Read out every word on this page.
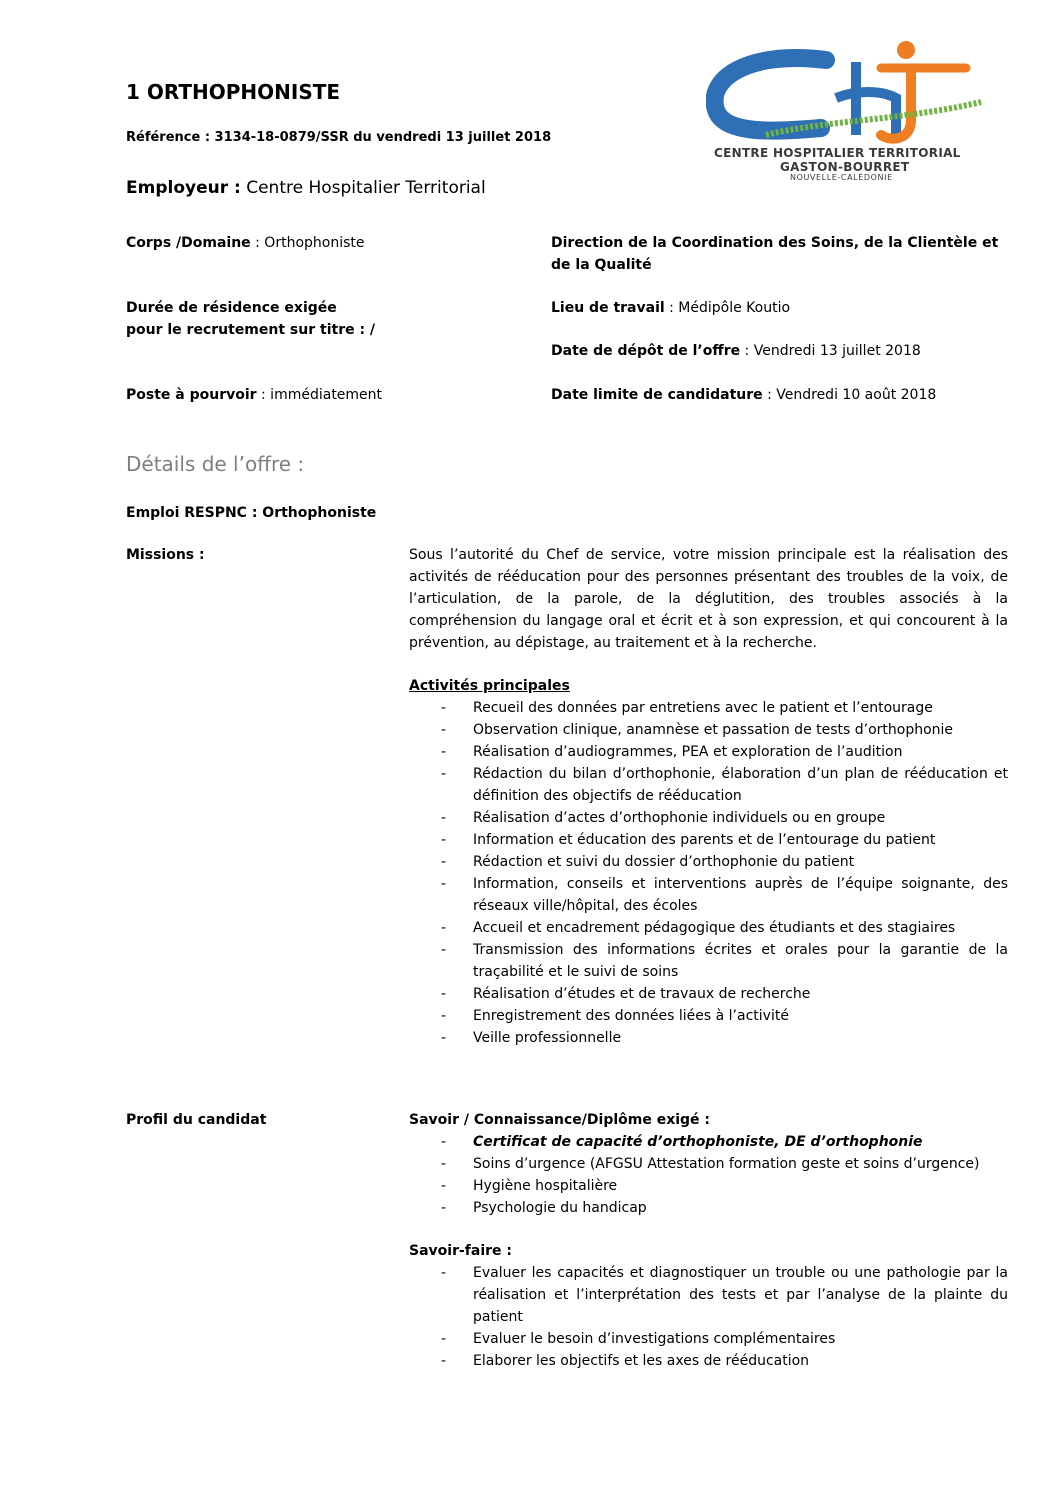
1 ORTHOPHONISTE
Référence : 3134-18-0879/SSR du vendredi 13 juillet 2018
Employeur : Centre Hospitalier Territorial
CENTRE HOSPITALIER TERRITORIAL
GASTON-BOURRET
NOUVELLE-CALÉDONIE
Corps /Domaine : Orthophoniste	Direction de la Coordination des Soins, de la Clientèle et
de la Qualité
Durée de résidence exigée
pour le recrutement sur titre : /
Lieu de travail : Médipôle Koutio
Date de dépôt de l’offre : Vendredi 13 juillet 2018
Poste à pourvoir : immédiatement	Date limite de candidature : Vendredi 10 août 2018
Détails de l’offre :
Emploi RESPNC : Orthophoniste
Missions :	Sous l’autorité du Chef de service, votre mission principale est la réalisation des activités de rééducation pour des personnes présentant des troubles de la voix, de l’articulation, de la parole, de la déglutition, des troubles associés à la compréhension du langage oral et écrit et à son expression, et qui concourent à la prévention, au dépistage, au traitement et à la recherche.
Activités principales
- Recueil des données par entretiens avec le patient et l’entourage
- Observation clinique, anamnèse et passation de tests d’orthophonie
- Réalisation d’audiogrammes, PEA et exploration de l’audition
- Rédaction du bilan d’orthophonie, élaboration d’un plan de rééducation et définition des objectifs de rééducation
- Réalisation d’actes d’orthophonie individuels ou en groupe
- Information et éducation des parents et de l’entourage du patient
- Rédaction et suivi du dossier d’orthophonie du patient
- Information, conseils et interventions auprès de l’équipe soignante, des réseaux ville/hôpital, des écoles
- Accueil et encadrement pédagogique des étudiants et des stagiaires
- Transmission des informations écrites et orales pour la garantie de la traçabilité et le suivi de soins
- Réalisation d’études et de travaux de recherche
- Enregistrement des données liées à l’activité
- Veille professionnelle
Profil du candidat	Savoir / Connaissance/Diplôme exigé :
- Certificat de capacité d’orthophoniste, DE d’orthophonie
- Soins d’urgence (AFGSU Attestation formation geste et soins d’urgence)
- Hygiène hospitalière
- Psychologie du handicap
Savoir-faire :
- Evaluer les capacités et diagnostiquer un trouble ou une pathologie par la réalisation et l’interprétation des tests et par l’analyse de la plainte du patient
- Evaluer le besoin d’investigations complémentaires
- Elaborer les objectifs et les axes de rééducation
